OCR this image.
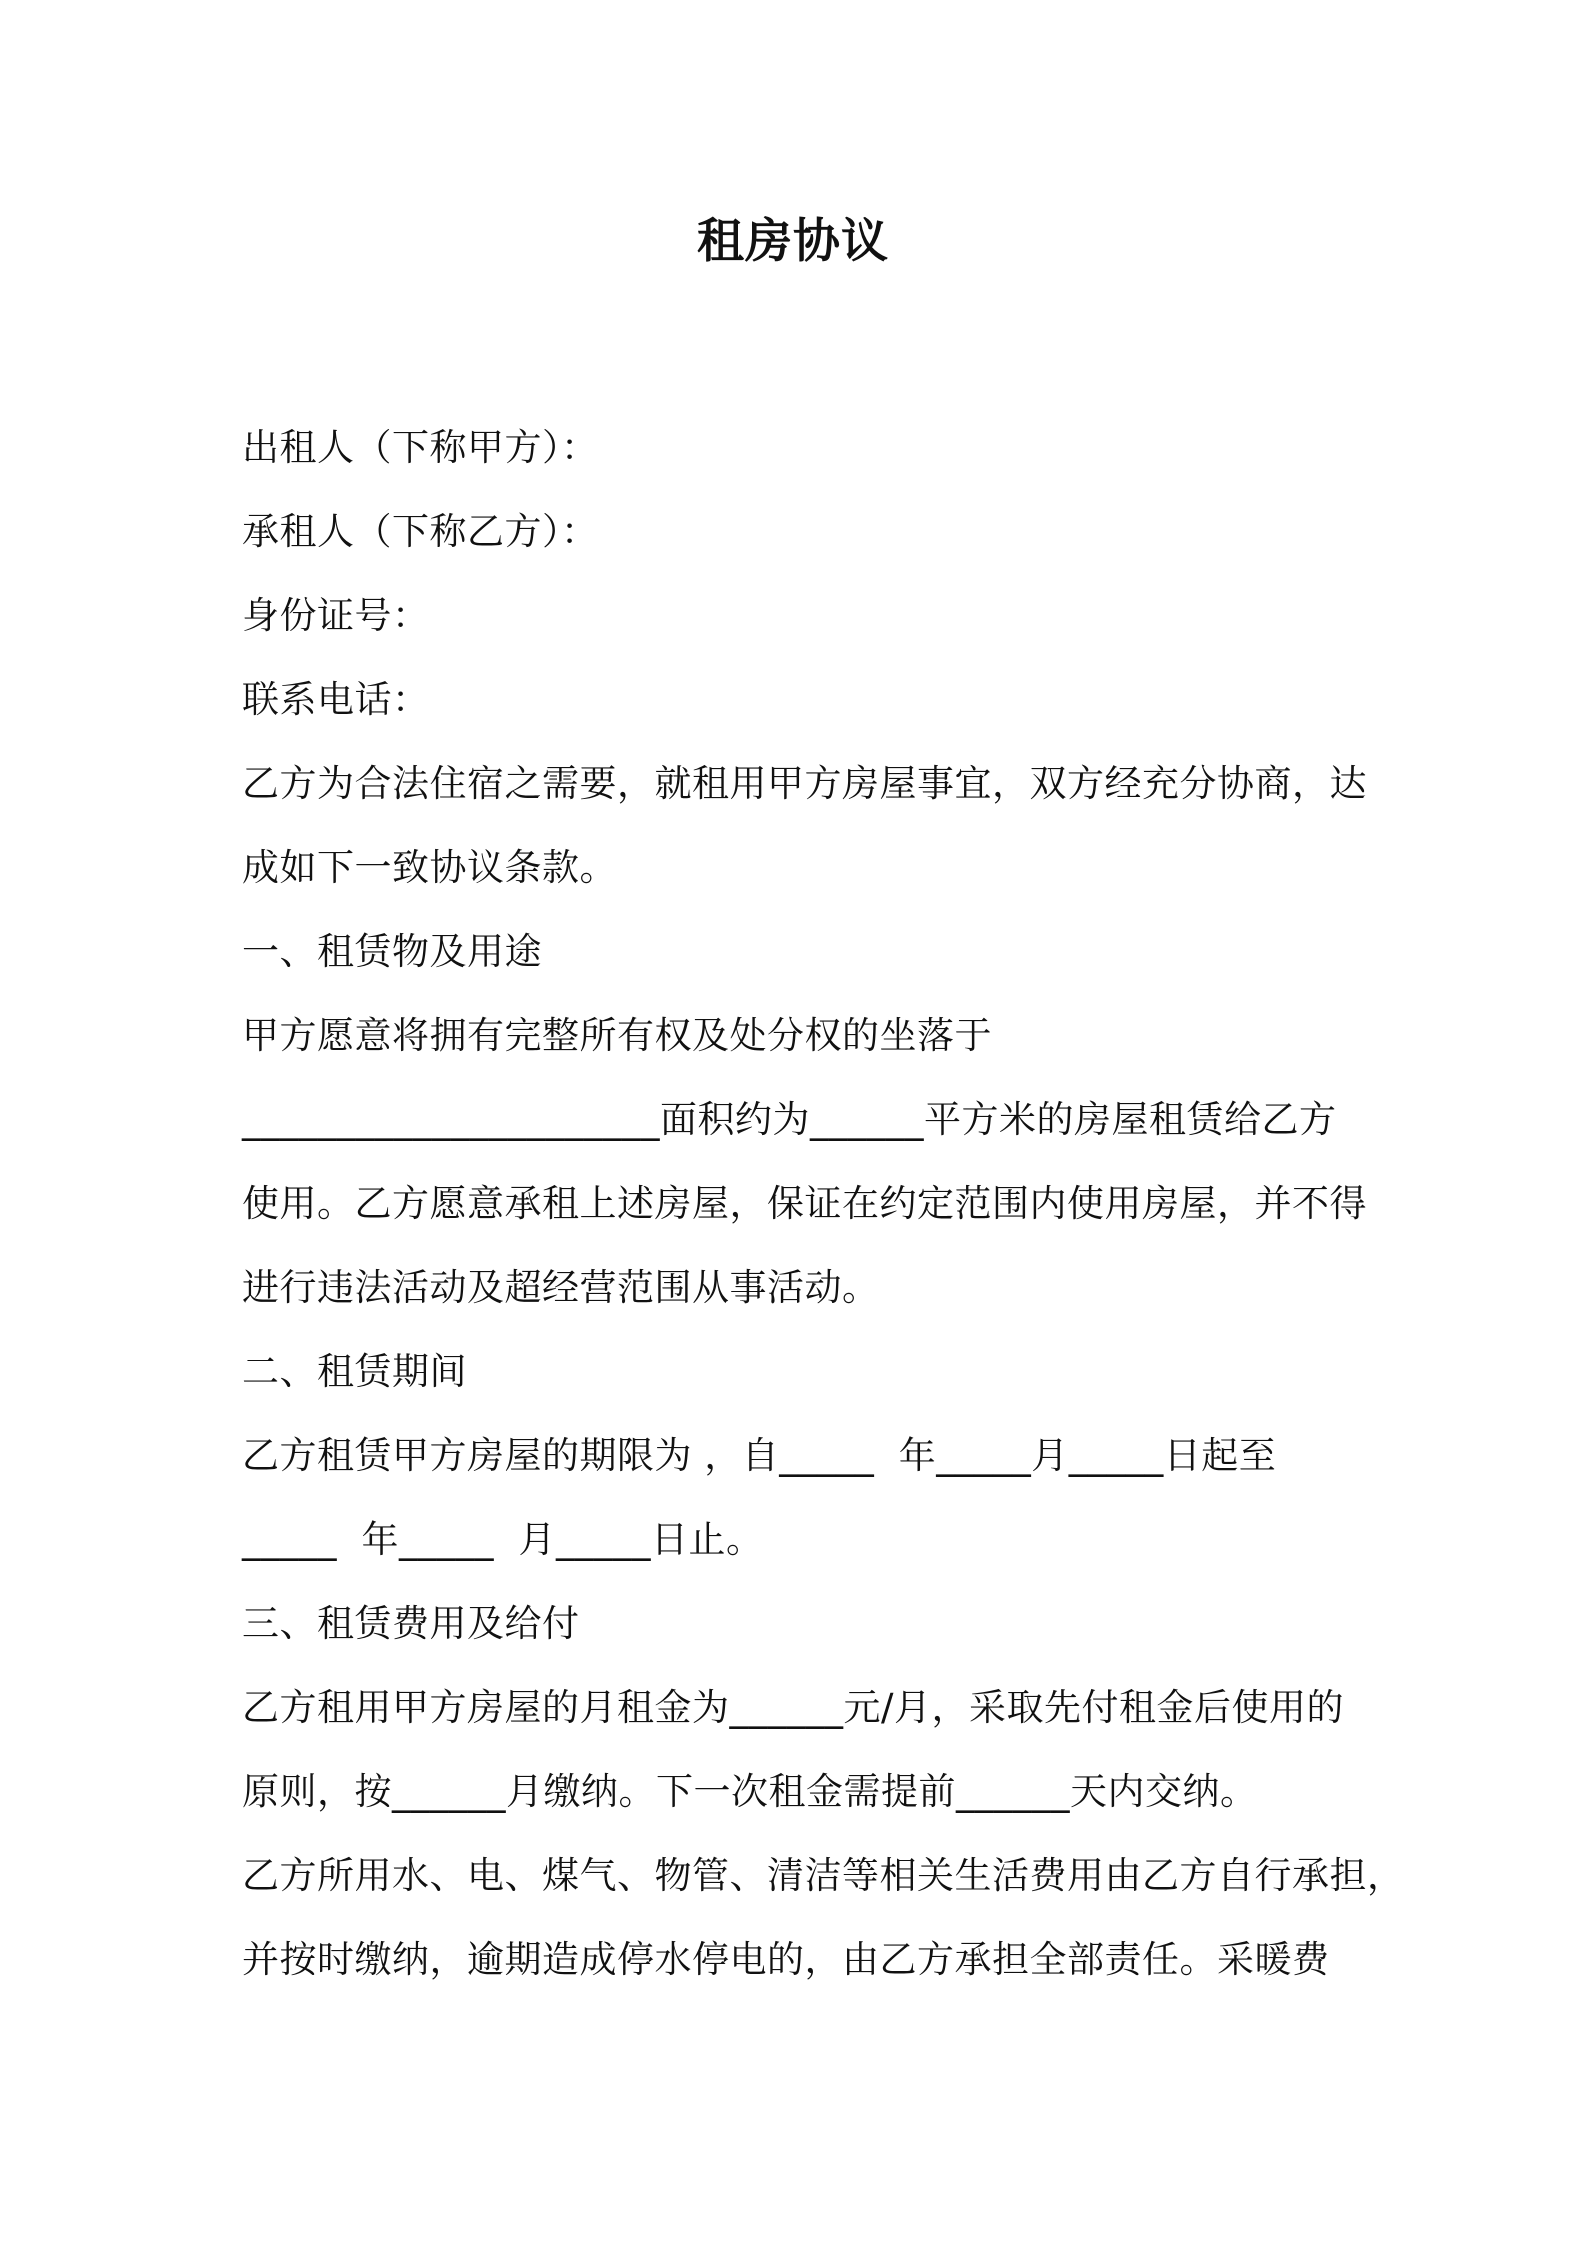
租房协议
出租人（下称甲方）：
承租人（下称乙方）：
身份证号：
联系电话：
乙方为合法住宿之需要，就租用甲方房屋事宜，双方经充分协商，达
成如下一致协议条款。
一、租赁物及用途
甲方愿意将拥有完整所有权及处分权的坐落于
______________________面积约为______平方米的房屋租赁给乙方
使用。乙方愿意承租上述房屋，保证在约定范围内使用房屋，并不得
进行违法活动及超经营范围从事活动。
二、租赁期间
乙方租赁甲方房屋的期限为 ，自_____  年_____月_____日起至
_____  年_____  月_____日止。
三、租赁费用及给付
乙方租用甲方房屋的月租金为______元/月，采取先付租金后使用的
原则，按______月缴纳。下一次租金需提前______天内交纳。
乙方所用水、电、煤气、物管、清洁等相关生活费用由乙方自行承担，
并按时缴纳，逾期造成停水停电的，由乙方承担全部责任。采暖费
